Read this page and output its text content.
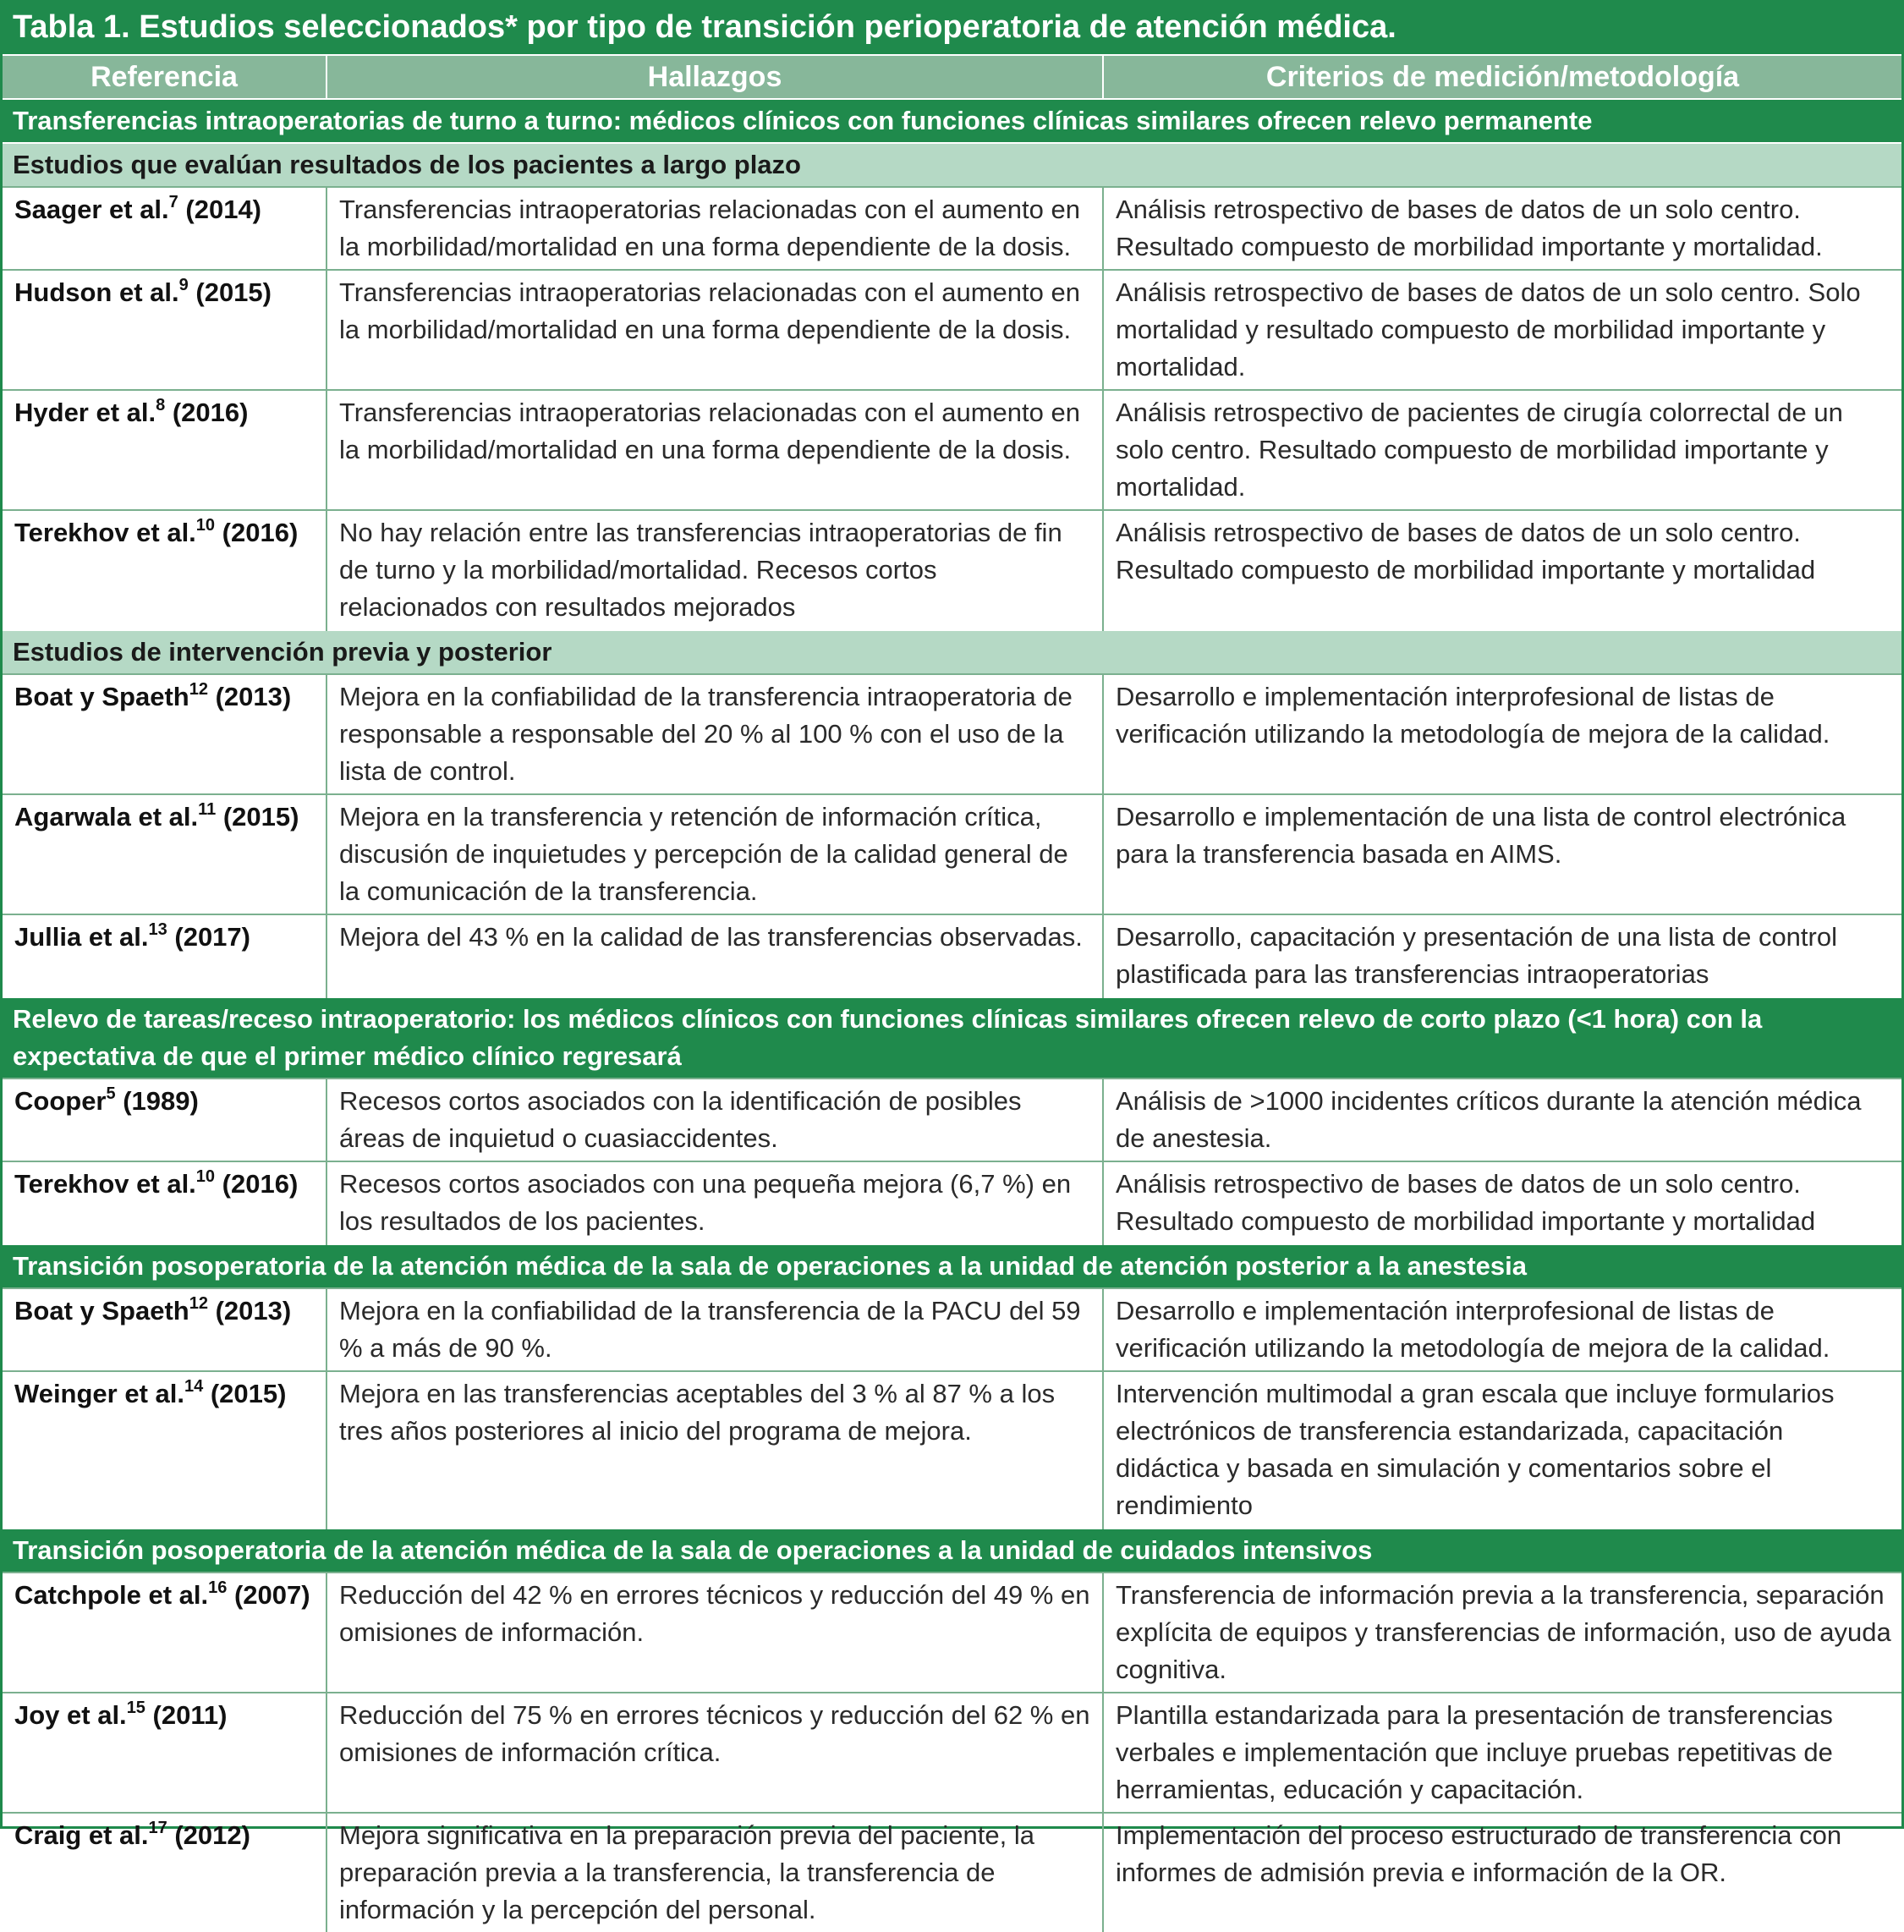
Tabla 1. Estudios seleccionados* por tipo de transición perioperatoria de atención médica.		
Referencia	Hallazgos	Criterios de medición/metodología
Transferencias intraoperatorias de turno a turno: médicos clínicos con funciones clínicas similares ofrecen relevo permanente		
Estudios que evalúan resultados de los pacientes a largo plazo		
Saager et al.$^7$ (2014)	Transferencias intraoperatorias relacionadas con el aumento en la morbilidad/mortalidad en una forma dependiente de la dosis.	Análisis retrospectivo de bases de datos de un solo centro. Resultado compuesto de morbilidad importante y mortalidad.
Hudson et al.$^9$ (2015)	Transferencias intraoperatorias relacionadas con el aumento en la morbilidad/mortalidad en una forma dependiente de la dosis.	Análisis retrospectivo de bases de datos de un solo centro. Solo mortalidad y resultado compuesto de morbilidad importante y mortalidad.
Hyder et al.$^8$ (2016)	Transferencias intraoperatorias relacionadas con el aumento en la morbilidad/mortalidad en una forma dependiente de la dosis.	Análisis retrospectivo de pacientes de cirugía colorrectal de un solo centro. Resultado compuesto de morbilidad importante y mortalidad.
Terekhov et al.$^{10}$ (2016)	No hay relación entre las transferencias intraoperatorias de fin de turno y la morbilidad/mortalidad. Recesos cortos relacionados con resultados mejorados	Análisis retrospectivo de bases de datos de un solo centro. Resultado compuesto de morbilidad importante y mortalidad
Estudios de intervención previa y posterior		
Boat y Spaeth$^{12}$ (2013)	Mejora en la confiabilidad de la transferencia intraoperatoria de responsable a responsable del 20 % al 100 % con el uso de la lista de control.	Desarrollo e implementación interprofesional de listas de verificación utilizando la metodología de mejora de la calidad.
Agarwala et al.$^{11}$ (2015)	Mejora en la transferencia y retención de información crítica, discusión de inquietudes y percepción de la calidad general de la comunicación de la transferencia.	Desarrollo e implementación de una lista de control electrónica para la transferencia basada en AIMS.
Jullia et al.$^{13}$ (2017)	Mejora del 43 % en la calidad de las transferencias observadas.	Desarrollo, capacitación y presentación de una lista de control plastificada para las transferencias intraoperatorias
Relevo de tareas/receso intraoperatorio: los médicos clínicos con funciones clínicas similares ofrecen relevo de corto plazo (<1 hora) con la expectativa de que el primer médico clínico regresará		
Cooper$^5$ (1989)	Recesos cortos asociados con la identificación de posibles áreas de inquietud o cuasiaccidentes.	Análisis de >1000 incidentes críticos durante la atención médica de anestesia.
Terekhov et al.$^{10}$ (2016)	Recesos cortos asociados con una pequeña mejora (6,7 %) en los resultados de los pacientes.	Análisis retrospectivo de bases de datos de un solo centro. Resultado compuesto de morbilidad importante y mortalidad
Transición posoperatoria de la atención médica de la sala de operaciones a la unidad de atención posterior a la anestesia		
Boat y Spaeth$^{12}$ (2013)	Mejora en la confiabilidad de la transferencia de la PACU del 59 % a más de 90 %.	Desarrollo e implementación interprofesional de listas de verificación utilizando la metodología de mejora de la calidad.
Weinger et al.$^{14}$ (2015)	Mejora en las transferencias aceptables del 3 % al 87 % a los tres años posteriores al inicio del programa de mejora.	Intervención multimodal a gran escala que incluye formularios electrónicos de transferencia estandarizada, capacitación didáctica y basada en simulación y comentarios sobre el rendimiento
Transición posoperatoria de la atención médica de la sala de operaciones a la unidad de cuidados intensivos		
Catchpole et al.$^{16}$ (2007)	Reducción del 42 % en errores técnicos y reducción del 49 % en omisiones de información.	Transferencia de información previa a la transferencia, separación explícita de equipos y transferencias de información, uso de ayuda cognitiva.
Joy et al.$^{15}$ (2011)	Reducción del 75 % en errores técnicos y reducción del 62 % en omisiones de información crítica.	Plantilla estandarizada para la presentación de transferencias verbales e implementación que incluye pruebas repetitivas de herramientas, educación y capacitación.
Craig et al.$^{17}$ (2012)	Mejora significativa en la preparación previa del paciente, la preparación previa a la transferencia, la transferencia de información y la percepción del personal.	Implementación del proceso estructurado de transferencia con informes de admisión previa e información de la OR.
